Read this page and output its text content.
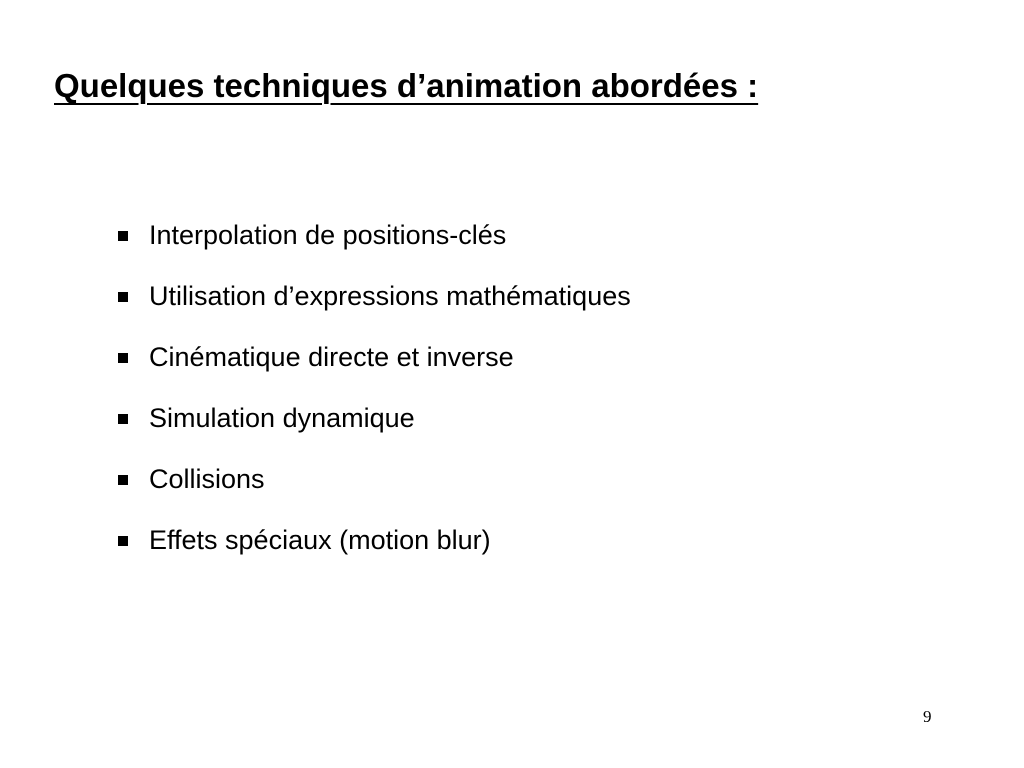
Quelques techniques d’animation abordées :
Interpolation de positions-clés
Utilisation d’expressions mathématiques
Cinématique directe et inverse
Simulation dynamique
Collisions
Effets spéciaux (motion blur)
9
